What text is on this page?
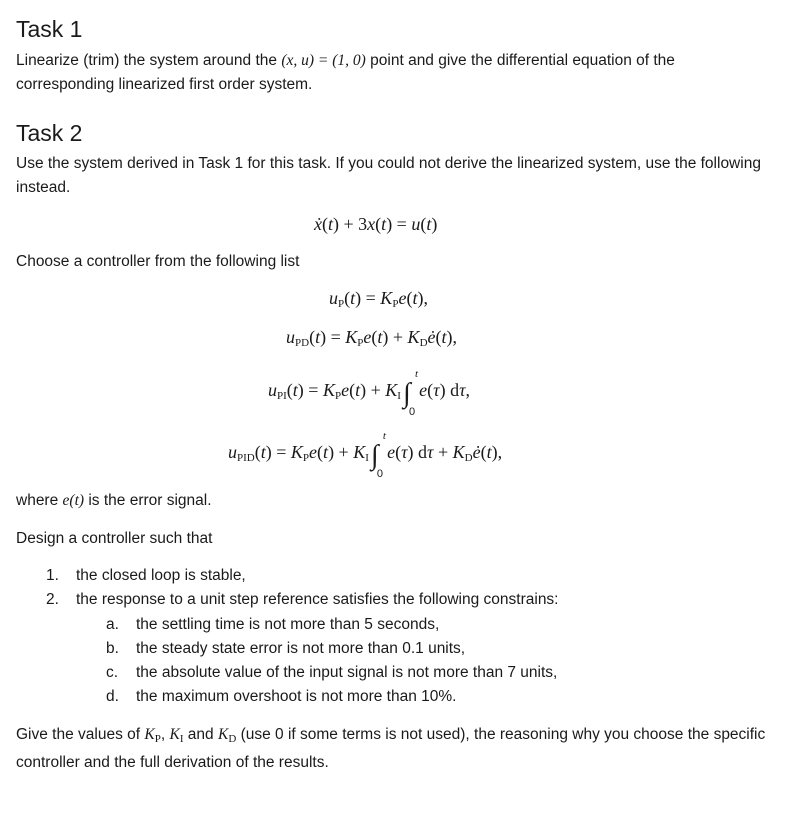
Task 1

Linearize (trim) the system around the (x, u) = (1, 0) point and give the differential equation of the corresponding linearized first order system.

Task 2

Use the system derived in Task 1 for this task. If you could not derive the linearized system, use the following instead.

ẋ(t) + 3x(t) = u(t)

Choose a controller from the following list

uP(t) = KPe(t),
uPD(t) = KPe(t) + KDė(t),
uPI(t) = KPe(t) + KI∫
t
0
e(τ) dτ,
uPID(t) = KPe(t) + KI∫
t
0
e(τ) dτ + KDė(t),

where e(t) is the error signal.

Design a controller such that

1. the closed loop is stable,
2. the response to a unit step reference satisfies the following constrains:
a. the settling time is not more than 5 seconds,
b. the steady state error is not more than 0.1 units,
c. the absolute value of the input signal is not more than 7 units,
d. the maximum overshoot is not more than 10%.

Give the values of KP, KI and KD (use 0 if some terms is not used), the reasoning why you choose the specific controller and the full derivation of the results.
